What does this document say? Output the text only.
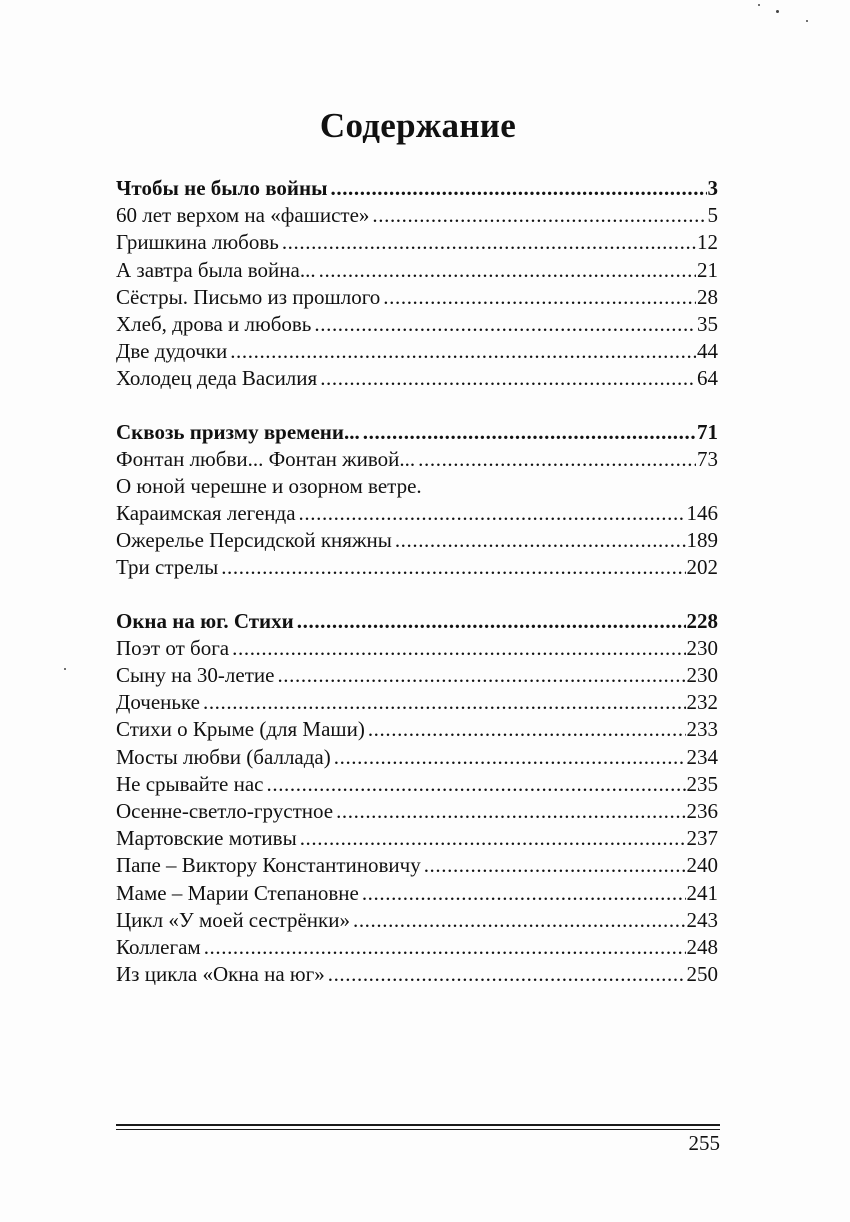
Содержание
Чтобы не было войны .....	3
60 лет верхом на «фашисте» .....	5
Гришкина любовь .....	12
А завтра была война... .....	21
Сёстры. Письмо из прошлого .....	28
Хлеб, дрова и любовь .....	35
Две дудочки .....	44
Холодец деда Василия .....	64
Сквозь призму времени... .....	71
Фонтан любви... Фонтан живой... .....	73
О юной черешне и озорном ветре.
Караимская легенда .....	146
Ожерелье Персидской княжны .....	189
Три стрелы .....	202
Окна на юг. Стихи .....	228
Поэт от бога .....	230
Сыну на 30-летие .....	230
Доченьке .....	232
Стихи о Крыме (для Маши) .....	233
Мосты любви (баллада) .....	234
Не срывайте нас .....	235
Осенне-светло-грустное .....	236
Мартовские мотивы .....	237
Папе – Виктору Константиновичу .....	240
Маме – Марии Степановне .....	241
Цикл «У моей сестрёнки» .....	243
Коллегам .....	248
Из цикла «Окна на юг» .....	250
255
